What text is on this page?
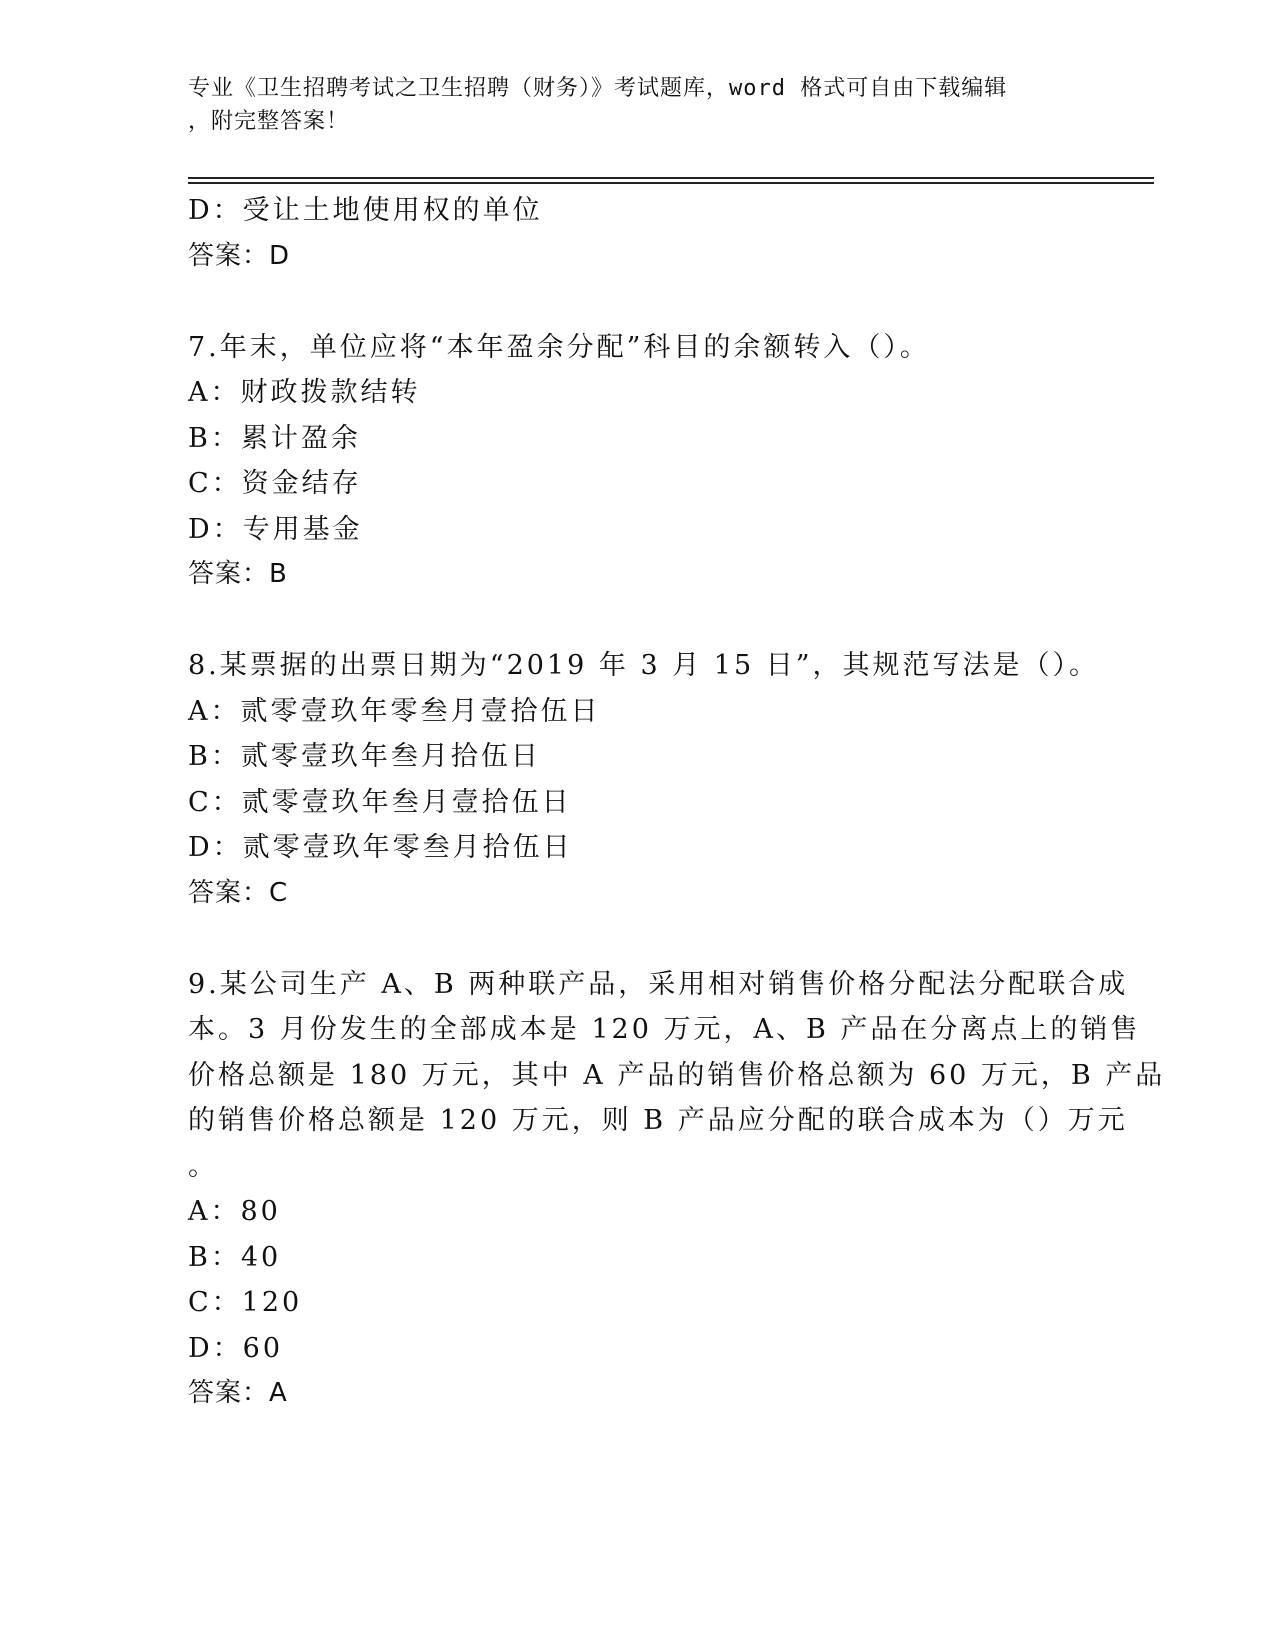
专业《卫生招聘考试之卫生招聘（财务）》考试题库，word 格式可自由下载编辑
，附完整答案！
D：受让土地使用权的单位
答案：D
7.年末，单位应将“本年盈余分配”科目的余额转入（）。
A：财政拨款结转
B：累计盈余
C：资金结存
D：专用基金
答案：B
8.某票据的出票日期为“2019 年 3 月 15 日”，其规范写法是（）。
A：贰零壹玖年零叁月壹拾伍日
B：贰零壹玖年叁月拾伍日
C：贰零壹玖年叁月壹拾伍日
D：贰零壹玖年零叁月拾伍日
答案：C
9.某公司生产 A、B 两种联产品，采用相对销售价格分配法分配联合成
本。3 月份发生的全部成本是 120 万元，A、B 产品在分离点上的销售
价格总额是 180 万元，其中 A 产品的销售价格总额为 60 万元，B 产品
的销售价格总额是 120 万元，则 B 产品应分配的联合成本为（）万元
。
A：80
B：40
C：120
D：60
答案：A
